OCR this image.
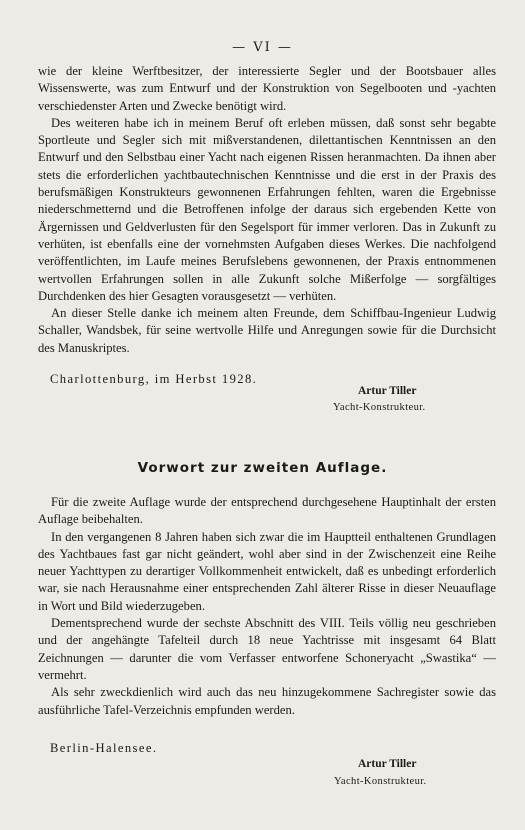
— VI —

wie der kleine Werftbesitzer, der interessierte Segler und der Bootsbauer alles Wissenswerte, was zum Entwurf und der Konstruktion von Segelbooten und -yachten verschiedenster Arten und Zwecke benötigt wird.

Des weiteren habe ich in meinem Beruf oft erleben müssen, daß sonst sehr begabte Sportleute und Segler sich mit mißverstandenen, dilettantischen Kenntnissen an den Entwurf und den Selbstbau einer Yacht nach eigenen Rissen heranmachten. Da ihnen aber stets die erforderlichen yachtbautechnischen Kenntnisse und die erst in der Praxis des berufsmäßigen Konstrukteurs gewonnenen Erfahrungen fehlten, waren die Ergebnisse niederschmetternd und die Betroffenen infolge der daraus sich ergebenden Kette von Ärgernissen und Geldverlusten für den Segelsport für immer verloren. Das in Zukunft zu verhüten, ist ebenfalls eine der vornehmsten Aufgaben dieses Werkes. Die nachfolgend veröffentlichten, im Laufe meines Berufslebens gewonnenen, der Praxis entnommenen wertvollen Erfahrungen sollen in alle Zukunft solche Mißerfolge — sorgfältiges Durchdenken des hier Gesagten vorausgesetzt — verhüten.

An dieser Stelle danke ich meinem alten Freunde, dem Schiffbau-Ingenieur Ludwig Schaller, Wandsbek, für seine wertvolle Hilfe und Anregungen sowie für die Durchsicht des Manuskriptes.

Charlottenburg, im Herbst 1928.
Artur Tiller
Yacht-Konstrukteur.
Vorwort zur zweiten Auflage.

Für die zweite Auflage wurde der entsprechend durchgesehene Hauptinhalt der ersten Auflage beibehalten.

In den vergangenen 8 Jahren haben sich zwar die im Hauptteil enthaltenen Grundlagen des Yachtbaues fast gar nicht geändert, wohl aber sind in der Zwischenzeit eine Reihe neuer Yachttypen zu derartiger Vollkommenheit entwickelt, daß es unbedingt erforderlich war, sie nach Herausnahme einer entsprechenden Zahl älterer Risse in dieser Neuauflage in Wort und Bild wiederzugeben.

Dementsprechend wurde der sechste Abschnitt des VIII. Teils völlig neu geschrieben und der angehängte Tafelteil durch 18 neue Yachtrisse mit insgesamt 64 Blatt Zeichnungen — darunter die vom Verfasser entworfene Schoneryacht „Swastika“ — vermehrt.

Als sehr zweckdienlich wird auch das neu hinzugekommene Sachregister sowie das ausführliche Tafel-Verzeichnis empfunden werden.

Berlin-Halensee.
Artur Tiller
Yacht-Konstrukteur.
